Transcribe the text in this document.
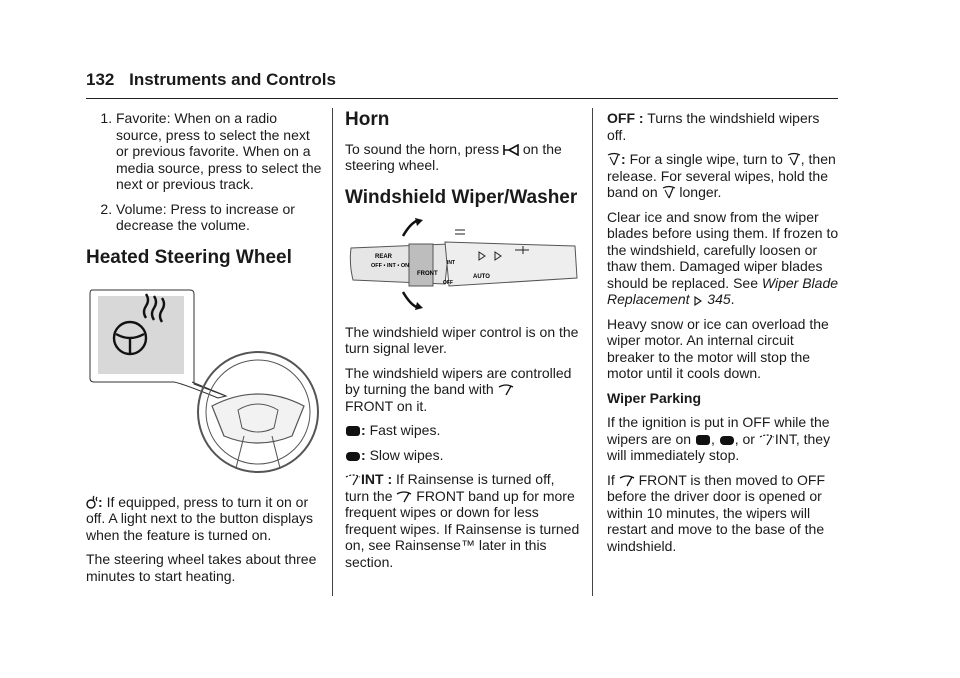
132 Instruments and Controls
1. Favorite: When on a radio source, press to select the next or previous favorite. When on a media source, press to select the next or previous track.
2. Volume: Press to increase or decrease the volume.
Heated Steering Wheel

: If equipped, press to turn it on or off. A light next to the button displays when the feature is turned on.

The steering wheel takes about three minutes to start heating.

Horn

To sound the horn, press on the steering wheel.

Windshield Wiper/Washer
REAR
OFF • INT • ON
FRONT
OFF
INT
AUTO

The windshield wiper control is on the turn signal lever.

The windshield wipers are controlled by turning the band with
FRONT on it.

: Fast wipes.

: Slow wipes.

INT : If Rainsense is turned off, turn the FRONT band up for more frequent wipes or down for less frequent wipes. If Rainsense is turned on, see Rainsense™ later in this section.

OFF : Turns the windshield wipers off.

: For a single wipe, turn to , then release. For several wipes, hold the band on longer.

Clear ice and snow from the wiper blades before using them. If frozen to the windshield, carefully loosen or thaw them. Damaged wiper blades should be replaced. See Wiper Blade Replacement 345.

Heavy snow or ice can overload the wiper motor. An internal circuit breaker to the motor will stop the motor until it cools down.

Wiper Parking

If the ignition is put in OFF while the wipers are on , , or INT, they will immediately stop.

If FRONT is then moved to OFF before the driver door is opened or within 10 minutes, the wipers will restart and move to the base of the windshield.
